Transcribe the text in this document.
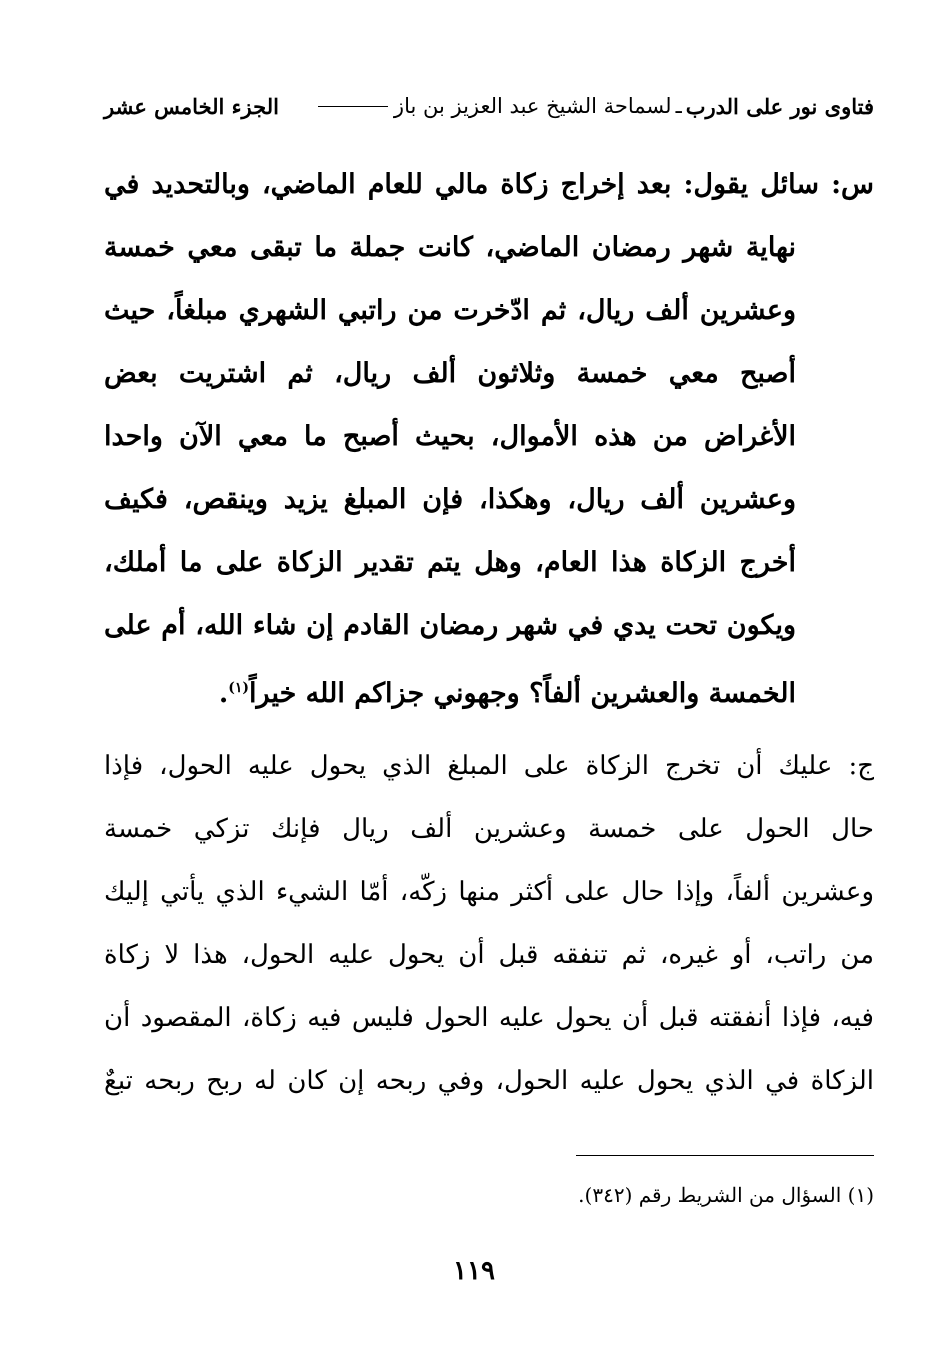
فتاوى نور على الدرب
ـ
لسماحة الشيخ عبد العزيز بن باز
الجزء الخامس عشر
س: سائل يقول: بعد إخراج زكاة مالي للعام الماضي، وبالتحديد في
نهاية شهر رمضان الماضي، كانت جملة ما تبقى معي خمسة
وعشرين ألف ريال، ثم ادّخرت من راتبي الشهري مبلغاً، حيث
أصبح معي خمسة وثلاثون ألف ريال، ثم اشتريت بعض
الأغراض من هذه الأموال، بحيث أصبح ما معي الآن واحدا
وعشرين ألف ريال، وهكذا، فإن المبلغ يزيد وينقص، فكيف
أخرج الزكاة هذا العام، وهل يتم تقدير الزكاة على ما أملك،
ويكون تحت يدي في شهر رمضان القادم إن شاء الله، أم على
الخمسة والعشرين ألفاً؟ وجهوني جزاكم الله خيراً$^{(١)}$.
ج: عليك أن تخرج الزكاة على المبلغ الذي يحول عليه الحول، فإذا
حال الحول على خمسة وعشرين ألف ريال فإنك تزكي خمسة
وعشرين ألفاً، وإذا حال على أكثر منها زكّه، أمّا الشيء الذي يأتي إليك
من راتب، أو غيره، ثم تنفقه قبل أن يحول عليه الحول، هذا لا زكاة
فيه، فإذا أنفقته قبل أن يحول عليه الحول فليس فيه زكاة، المقصود أن
الزكاة في الذي يحول عليه الحول، وفي ربحه إن كان له ربح ربحه تبعٌ
(١) السؤال من الشريط رقم (٣٤٢).
١١٩
